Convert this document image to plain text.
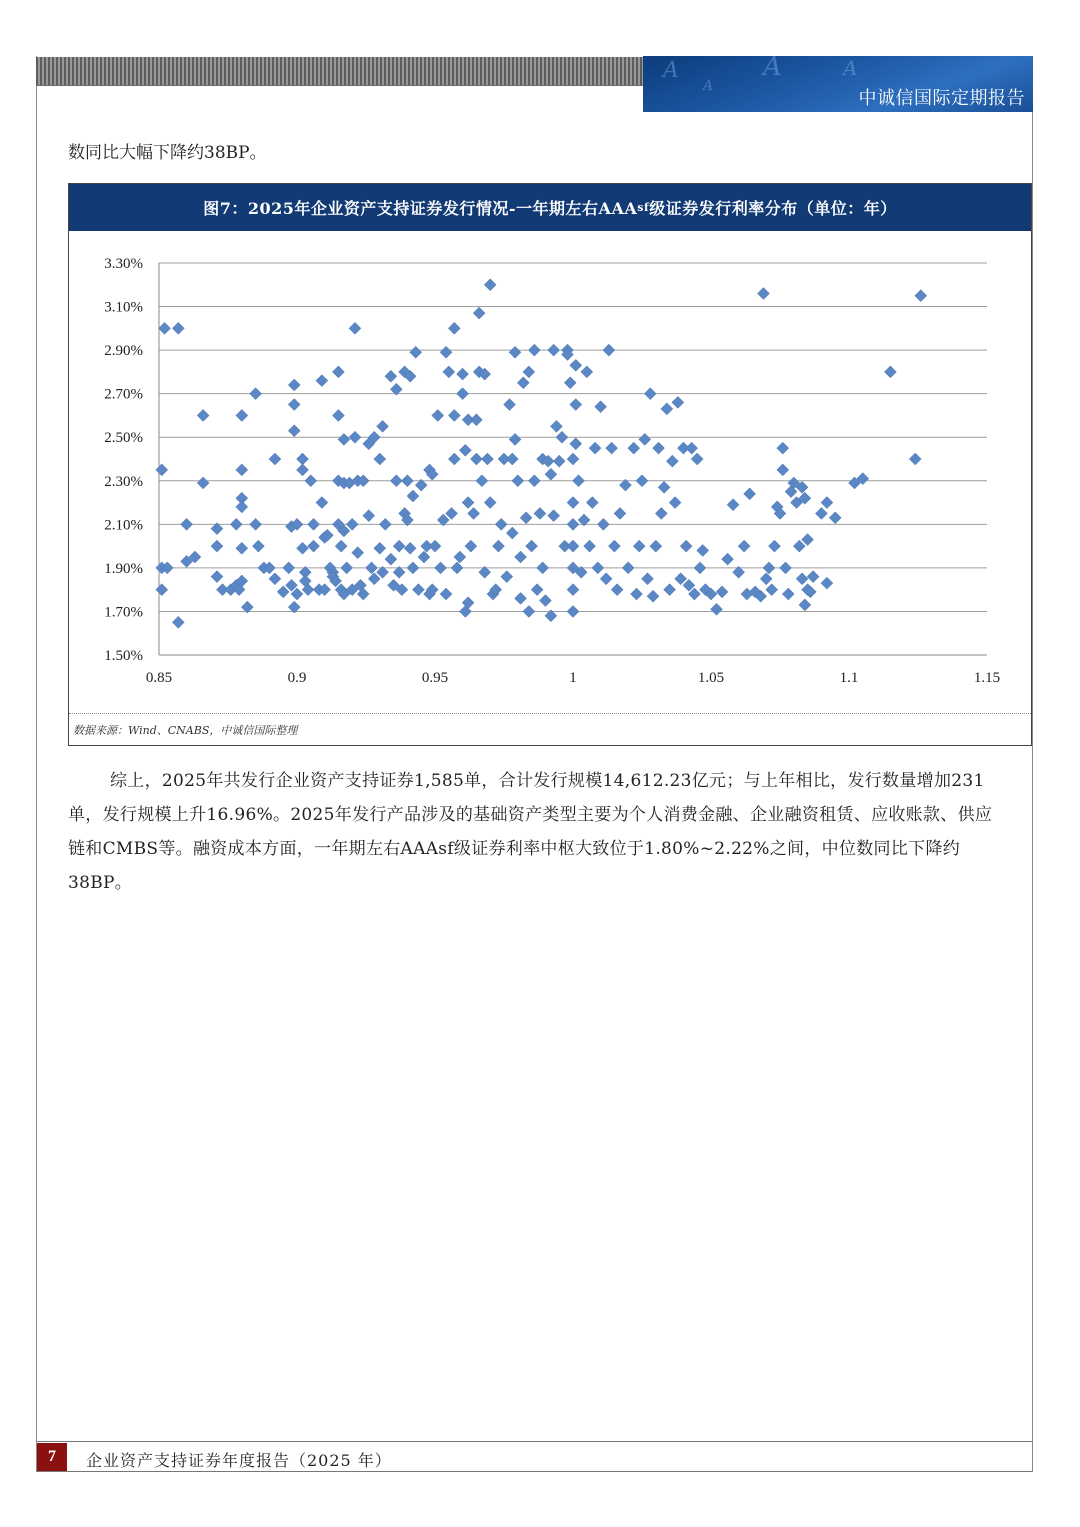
A	A	A
A
中诚信国际定期报告

数同比大幅下降约38BP。

图7：2025年企业资产支持证券发行情况-一年期左右AAA sf 级证券发行利率分布（单位：年）
1.50%
1.70%
1.90%
2.10%
2.30%
2.50%
2.70%
2.90%
3.10%
3.30%
0.85	0.9	0.95	1	1.05	1.1	1.15
数据来源：Wind、CNABS，中诚信国际整理

综上，2025年共发行企业资产支持证券1,585单，合计发行规模14,612.23亿元；与上年相比，发行数量增加231单，发行规模上升16.96%。2025年发行产品涉及的基础资产类型主要为个人消费金融、企业融资租赁、应收账款、供应链和CMBS等。融资成本方面，一年期左右AAAsf级证券利率中枢大致位于1.80%~2.22%之间，中位数同比下降约38BP。

7	企业资产支持证券年度报告（2025 年）
